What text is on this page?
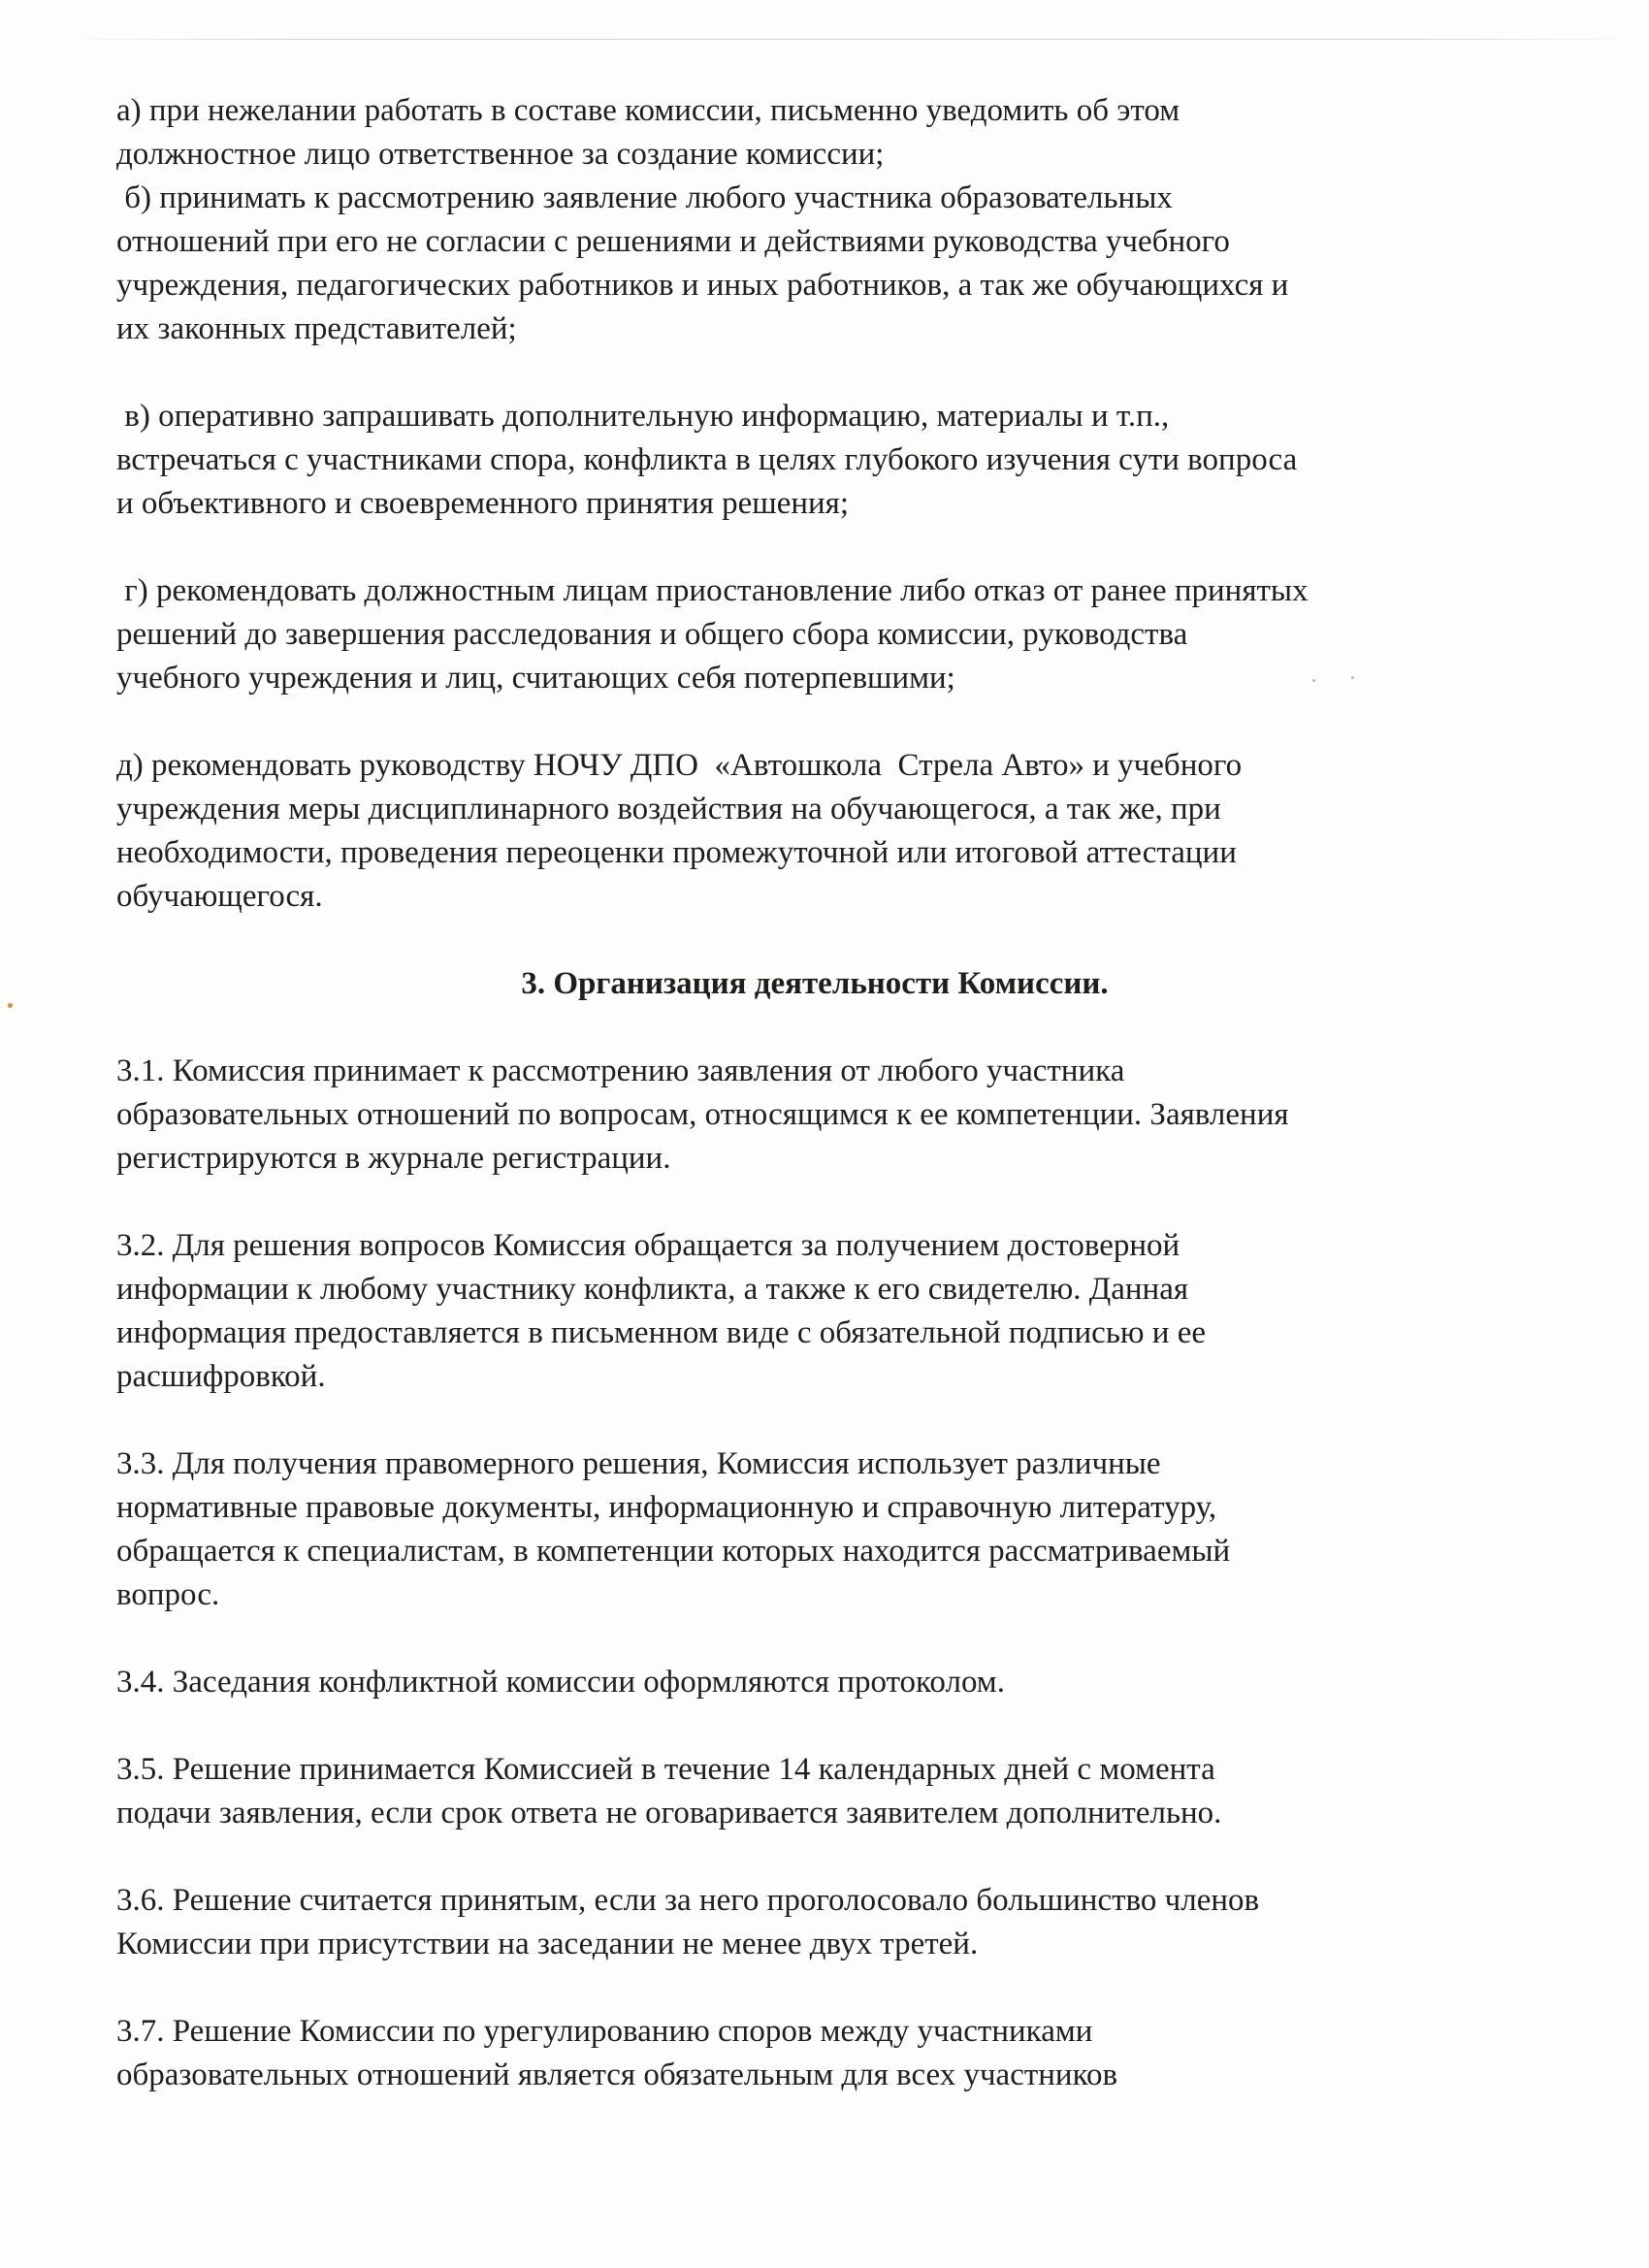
а) при нежелании работать в составе комиссии, письменно уведомить об этом
должностное лицо ответственное за создание комиссии;

б) принимать к рассмотрению заявление любого участника образовательных
отношений при его не согласии с решениями и действиями руководства учебного
учреждения, педагогических работников и иных работников, а так же обучающихся и
их законных представителей;

в) оперативно запрашивать дополнительную информацию, материалы и т.п.,
встречаться с участниками спора, конфликта в целях глубокого изучения сути вопроса
и объективного и своевременного принятия решения;

г) рекомендовать должностным лицам приостановление либо отказ от ранее принятых
решений до завершения расследования и общего сбора комиссии, руководства
учебного учреждения и лиц, считающих себя потерпевшими;

д) рекомендовать руководству НОЧУ ДПО  «Автошкола  Стрела Авто» и учебного
учреждения меры дисциплинарного воздействия на обучающегося, а так же, при
необходимости, проведения переоценки промежуточной или итоговой аттестации
обучающегося.

3. Организация деятельности Комиссии.

3.1. Комиссия принимает к рассмотрению заявления от любого участника
образовательных отношений по вопросам, относящимся к ее компетенции. Заявления
регистрируются в журнале регистрации.

3.2. Для решения вопросов Комиссия обращается за получением достоверной
информации к любому участнику конфликта, а также к его свидетелю. Данная
информация предоставляется в письменном виде с обязательной подписью и ее
расшифровкой.

3.3. Для получения правомерного решения, Комиссия использует различные
нормативные правовые документы, информационную и справочную литературу,
обращается к специалистам, в компетенции которых находится рассматриваемый
вопрос.

3.4. Заседания конфликтной комиссии оформляются протоколом.

3.5. Решение принимается Комиссией в течение 14 календарных дней с момента
подачи заявления, если срок ответа не оговаривается заявителем дополнительно.

3.6. Решение считается принятым, если за него проголосовало большинство членов
Комиссии при присутствии на заседании не менее двух третей.

3.7. Решение Комиссии по урегулированию споров между участниками
образовательных отношений является обязательным для всех участников
